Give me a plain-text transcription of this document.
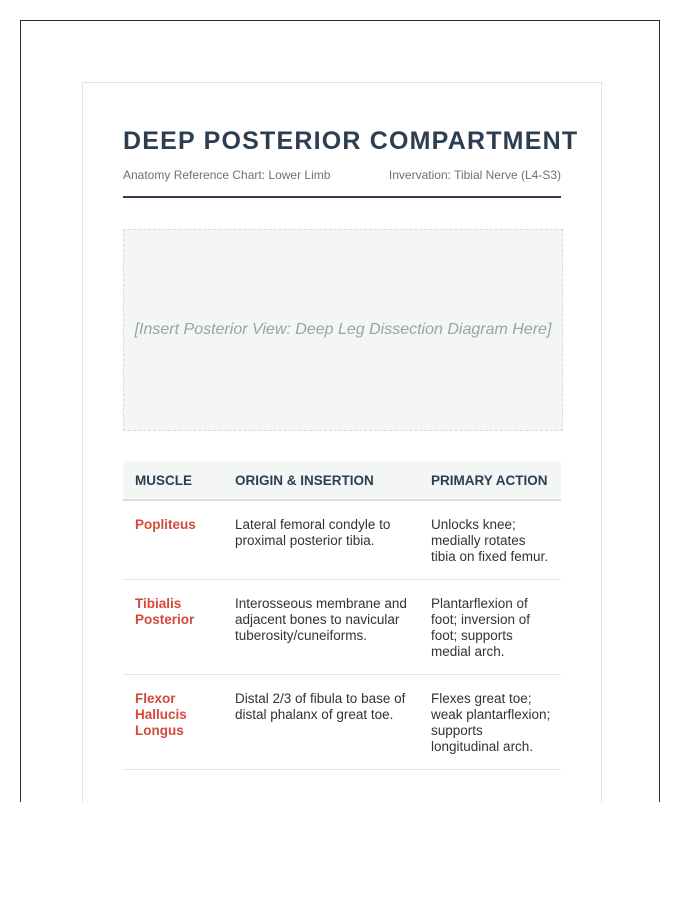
DEEP POSTERIOR COMPARTMENT
Anatomy Reference Chart: Lower Limb	Invervation: Tibial Nerve (L4-S3)
[Insert Posterior View: Deep Leg Dissection Diagram Here]
MUSCLE	ORIGIN & INSERTION	PRIMARY ACTION
Popliteus	Lateral femoral condyle to proximal posterior tibia.	Unlocks knee; medially rotates tibia on fixed femur.
Tibialis Posterior	Interosseous membrane and adjacent bones to navicular tuberosity/cuneiforms.	Plantarflexion of foot; inversion of foot; supports medial arch.
Flexor Hallucis Longus	Distal 2/3 of fibula to base of distal phalanx of great toe.	Flexes great toe; weak plantarflexion; supports longitudinal arch.
